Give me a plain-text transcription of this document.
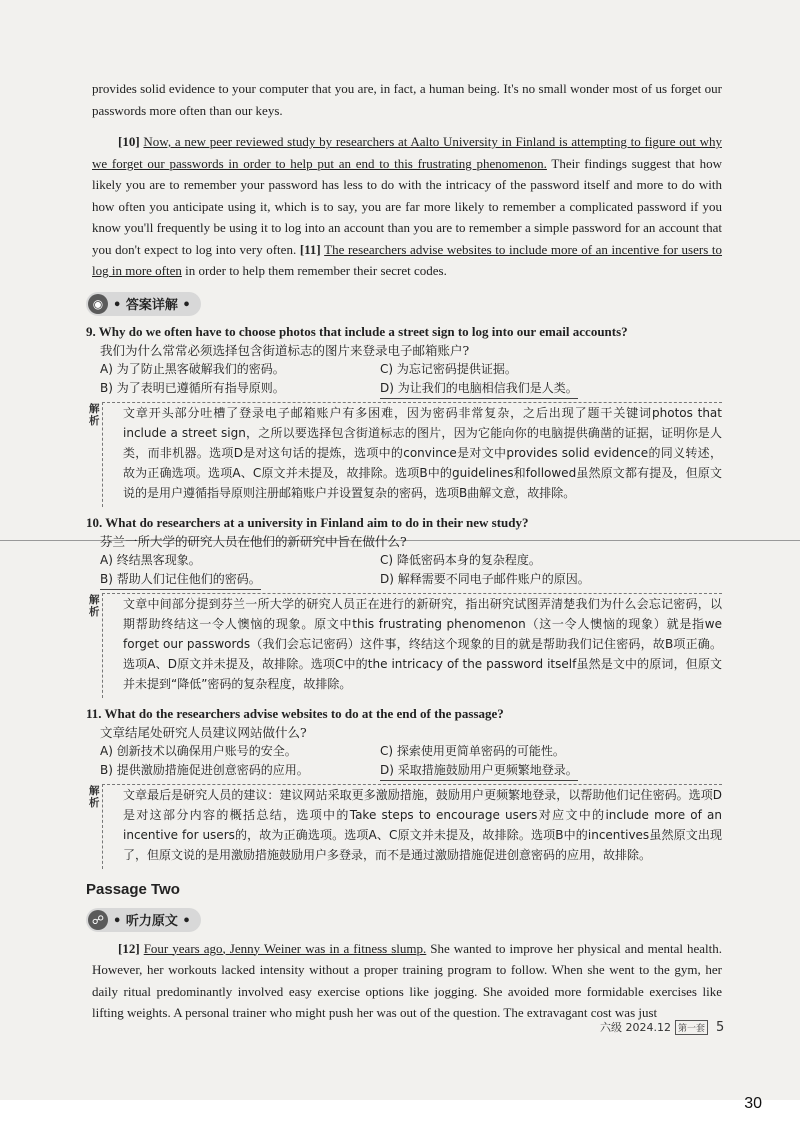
provides solid evidence to your computer that you are, in fact, a human being. It's no small wonder most of us forget our passwords more often than our keys.

[10] Now, a new peer reviewed study by researchers at Aalto University in Finland is attempting to figure out why we forget our passwords in order to help put an end to this frustrating phenomenon. Their findings suggest that how likely you are to remember your password has less to do with the intricacy of the password itself and more to do with how often you anticipate using it, which is to say, you are far more likely to remember a complicated password if you know you'll frequently be using it to log into an account than you are to remember a simple password for an account that you don't expect to log into very often. [11] The researchers advise websites to include more of an incentive for users to log in more often in order to help them remember their secret codes.

◉ • 答案详解 •
9. Why do we often have to choose photos that include a street sign to log into our email accounts?
我们为什么常常必须选择包含街道标志的图片来登录电子邮箱账户?
A) 为了防止黑客破解我们的密码。	C) 为忘记密码提供证据。
B) 为了表明已遵循所有指导原则。	D) 为让我们的电脑相信我们是人类。
解析
文章开头部分吐槽了登录电子邮箱账户有多困难，因为密码非常复杂，之后出现了题干关键词photos that include a street sign，之所以要选择包含街道标志的图片，因为它能向你的电脑提供确凿的证据，证明你是人类，而非机器。选项D是对这句话的提炼，选项中的convince是对文中provides solid evidence的同义转述，故为正确选项。选项A、C原文并未提及，故排除。选项B中的guidelines和followed虽然原文都有提及，但原文说的是用户遵循指导原则注册邮箱账户并设置复杂的密码，选项B曲解文意，故排除。
10. What do researchers at a university in Finland aim to do in their new study?
芬兰一所大学的研究人员在他们的新研究中旨在做什么?
A) 终结黑客现象。	C) 降低密码本身的复杂程度。
B) 帮助人们记住他们的密码。	D) 解释需要不同电子邮件账户的原因。
解析
文章中间部分提到芬兰一所大学的研究人员正在进行的新研究，指出研究试图弄清楚我们为什么会忘记密码，以期帮助终结这一令人懊恼的现象。原文中this frustrating phenomenon（这一令人懊恼的现象）就是指we forget our passwords（我们会忘记密码）这件事，终结这个现象的目的就是帮助我们记住密码，故B项正确。选项A、D原文并未提及，故排除。选项C中的the intricacy of the password itself虽然是文中的原词，但原文并未提到“降低”密码的复杂程度，故排除。
11. What do the researchers advise websites to do at the end of the passage?
文章结尾处研究人员建议网站做什么?
A) 创新技术以确保用户账号的安全。	C) 探索使用更简单密码的可能性。
B) 提供激励措施促进创意密码的应用。	D) 采取措施鼓励用户更频繁地登录。
解析
文章最后是研究人员的建议：建议网站采取更多激励措施，鼓励用户更频繁地登录，以帮助他们记住密码。选项D是对这部分内容的概括总结，选项中的Take steps to encourage users对应文中的include more of an incentive for users的，故为正确选项。选项A、C原文并未提及，故排除。选项B中的incentives虽然原文出现了，但原文说的是用激励措施鼓励用户多登录，而不是通过激励措施促进创意密码的应用，故排除。
Passage Two
☍ • 听力原文 •

[12] Four years ago, Jenny Weiner was in a fitness slump. She wanted to improve her physical and mental health. However, her workouts lacked intensity without a proper training program to follow. When she went to the gym, her daily ritual predominantly involved easy exercise options like jogging. She avoided more formidable exercises like lifting weights. A personal trainer who might push her was out of the question. The extravagant cost was just

六级 2024.12 第一套 5
30
